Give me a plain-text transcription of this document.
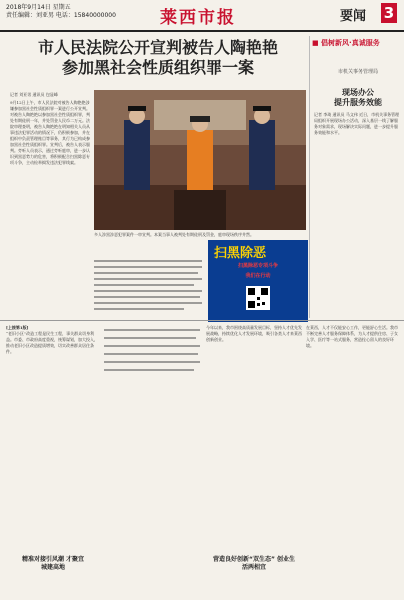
2018年9月14日 星期五
责任编辑：刘亚男 电话：15840000000	莱西市报	要闻 3
市人民法院公开宣判被告人陶艳艳
参加黑社会性质组织罪一案
记者 刘亚男 通讯员 包显峰
9月12日上午，市人民法院对被告人陶艳艳涉嫌参加黑社会性质组织罪一案进行公开宣判。对被告人陶艳艳以参加黑社会性质组织罪，判处有期徒刑一年，并处罚金人民币二万元。法院审理查明，被告人陶艳艳在明知相关人员从事违法犯罪活动的情况下，仍积极参加，并在组织中负责管理账目等事务，其行为已构成参加黑社会性质组织罪。宣判后，被告人表示服判。旁听人员表示，通过旁听庭审，进一步认识到黑恶势力的危害，将积极配合扫黑除恶专项斗争，主动检举揭发违法犯罪线索。
多人涉黑涉恶犯罪案件一审宣判。本案当事人被判处有期徒刑及罚金，庭审现场秩序井然。
扫黑除恶
扫黑除恶专项斗争
我们在行动
■ 倡树新风·真诚服务
市机关事务管理局
现场办公
提升服务效能
记者 李琦 通讯员 马文伟 近日，市机关事务管理局组织开展现场办公活动，深入基层一线了解服务对象需求，现场解决实际问题，进一步提升服务效能和水平。
[上接第1版]
“老旧小区”改造工程是民生工程，事关群众切身利益。市委、市政府高度重视，统筹谋划，加大投入，推动老旧小区改造提质增效，切实改善群众居住条件。
精准对接引风潮 才聚宜城建高地
今年以来，我市围绕高质量发展目标，坚持人才优先发展战略，持续优化人才发展环境，吸引各类人才来莱西创新创业。
营造良好创新“双生态” 创业生活两相宜
在莱西，人才不仅能安心工作，更能舒心生活。我市不断完善人才服务保障体系，为人才提供住房、子女入学、医疗等一站式服务，营造拴心留人的良好环境。
